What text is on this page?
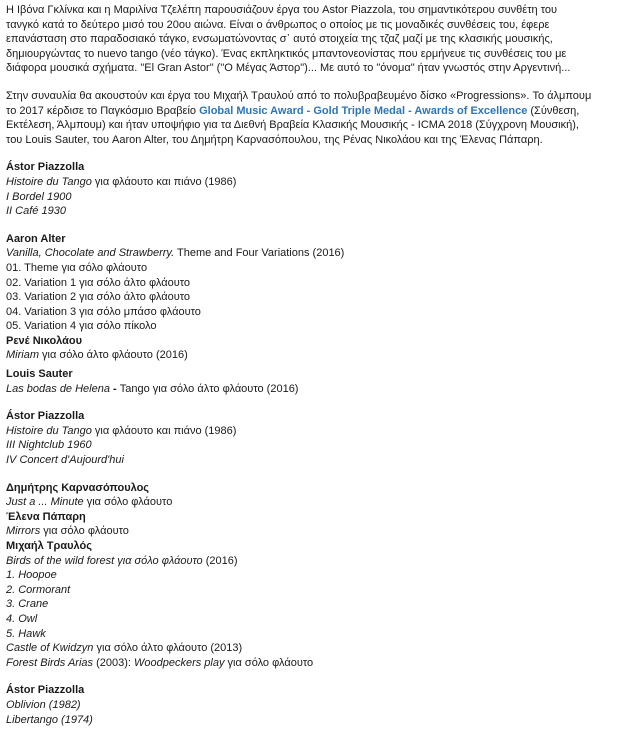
Η Ιβόνα Γκλίνκα και η Μαριλίνα Τζελέπη παρουσιάζουν έργα του Astor Piazzola, του σημαντικότερου συνθέτη του

τανγκό κατά το δεύτερο μισό του 20ου αιώνα. Είναι ο άνθρωπος ο οποίος με τις μοναδικές συνθέσεις του, έφερε

επανάσταση στο παραδοσιακό τάγκο, ενσωματώνοντας σ᾽ αυτό στοιχεία της τζαζ μαζί με της κλασικής μουσικής,

δημιουργώντας το nuevo tango (νέο τάγκο). Ένας εκπληκτικός μπαντονεονίστας που ερμήνευε τις συνθέσεις του με

διάφορα μουσικά σχήματα. "El Gran Astor" ("Ο Μέγας Άστορ")... Με αυτό το "όνομα" ήταν γνωστός στην Αργεντινή...

Στην συναυλία θα ακουστούν και έργα του Μιχαήλ Τραυλού από το πολυβραβευμένο δίσκο «Progressions». Το άλμπουμ

το 2017 κέρδισε το Παγκόσμιο Βραβείο Global Music Award - Gold Triple Medal - Awards of Excellence (Σύνθεση,

Εκτέλεση, Άλμπουμ) και ήταν υποψήφιο για τα Διεθνή Βραβεία Κλασικής Μουσικής - ICMA 2018 (Σύγχρονη Μουσική),

του Louis Sauter, του Aaron Alter, του Δημήτρη Καρνασόπουλου, της Ρένας Νικολάου και της Έλενας Πάπαρη.

Ástor Piazzolla

Histoire du Tango για φλάουτο και πιάνο (1986)

I Bordel 1900

II Café 1930

Aaron Alter

Vanilla, Chocolate and Strawberry. Theme and Four Variations (2016)

01. Theme για σόλο φλάουτο

02. Variation 1 για σόλο άλτο φλάουτο

03. Variation 2 για σόλο άλτο φλάουτο

04. Variation 3 για σόλο μπάσο φλάουτο

05. Variation 4 για σόλο πίκολο

Ρενέ Νικολάου

Miriam για σόλο άλτο φλάουτο (2016)

Louis Sauter

Las bodas de Helena - Tango για σόλο άλτο φλάουτο (2016)

Ástor Piazzolla

Histoire du Tango για φλάουτο και πιάνο (1986)

III Nightclub 1960

IV Concert d'Aujourd'hui

Δημήτρης Καρνασόπουλος

Just a ... Minute για σόλο φλάουτο

Έλενα Πάπαρη

Mirrors για σόλο φλάουτο

Μιχαήλ Τραυλός

Birds of the wild forest για σόλο φλάουτο (2016)

1. Hoopoe

2. Cormorant

3. Crane

4. Owl

5. Hawk

Castle of Kwidzyn για σόλο άλτο φλάουτο (2013)

Forest Birds Arias (2003): Woodpeckers play για σόλο φλάουτο

Ástor Piazzolla

Oblivion (1982)

Libertango (1974)
